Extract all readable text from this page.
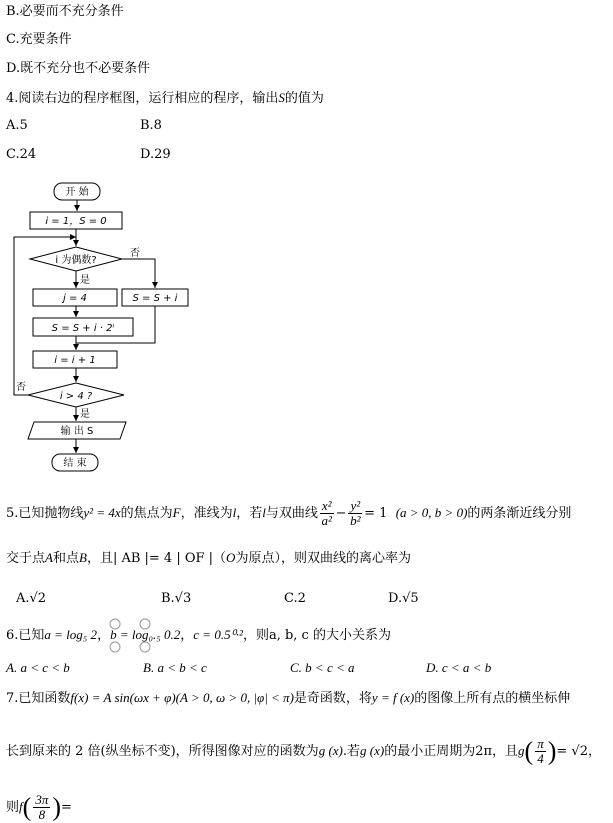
B.必要而不充分条件
C.充要条件
D.既不充分也不必要条件
4.阅读右边的程序框图，运行相应的程序，输出S的值为
A.5	B.8
C.24	D.29
开 始
i = 1，S = 0
i 为偶数?
否
是
j = 4	S = S + i
S = S + i · 2ⁱ
i = i + 1
i > 4 ?
否
是
输 出 S
结 束
5.已知抛物线y² = 4x的焦点为F，准线为l，若l与双曲线 $\frac{\text{x²}}{\text{a²}} - \frac{\text{y²}}{\text{b²}} = 1$ (a > 0, b > 0)的两条渐近线分别
交于点A和点B，且| AB |= 4 | OF |（O为原点），则双曲线的离心率为
A.√2	B.√3	C.2	D.√5
6.已知a = log₅ 2，b = log₀.₅ 0.2，c = 0.5⁰·²，则a, b, c 的大小关系为
A. a < c < b	B. a < b < c	C. b < c < a	D. c < a < b
7.已知函数f(x) = A sin(ωx + φ)(A > 0, ω > 0, |φ| < π)是奇函数，将y = f (x)的图像上所有点的横坐标伸
长到原来的 2 倍(纵坐标不变)，所得图像对应的函数为g (x).若g (x)的最小正周期为2π，且$g( \frac{\pi}{4}$ )= √2，
则$f( \frac{3\pi}{8}$ )=
